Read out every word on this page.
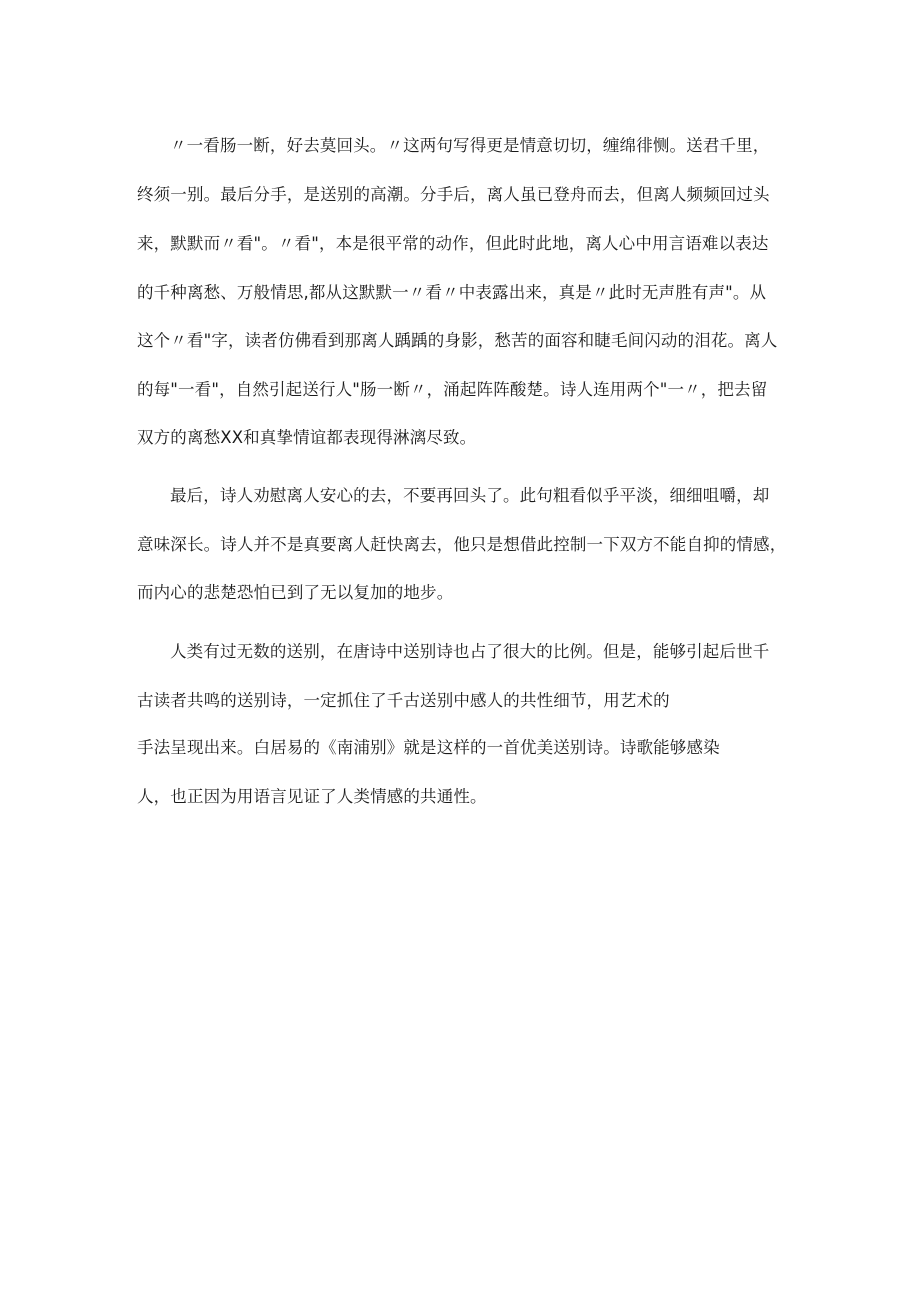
〃一看肠一断，好去莫回头。〃这两句写得更是情意切切，缠绵徘恻。送君千里，
终须一别。最后分手，是送别的高潮。分手后，离人虽已登舟而去，但离人频频回过头
来，默默而〃看"。〃看"，本是很平常的动作，但此时此地，离人心中用言语难以表达
的千种离愁、万般情思,都从这默默一〃看〃中表露出来，真是〃此时无声胜有声"。从
这个〃看"字，读者仿佛看到那离人踽踽的身影，愁苦的面容和睫毛间闪动的泪花。离人
的每"一看"，自然引起送行人"肠一断〃，涌起阵阵酸楚。诗人连用两个"一〃，把去留
双方的离愁XX和真挚情谊都表现得淋漓尽致。
最后，诗人劝慰离人安心的去，不要再回头了。此句粗看似乎平淡，细细咀嚼，却
意味深长。诗人并不是真要离人赶快离去，他只是想借此控制一下双方不能自抑的情感，
而内心的悲楚恐怕已到了无以复加的地步。
人类有过无数的送别，在唐诗中送别诗也占了很大的比例。但是，能够引起后世千
古读者共鸣的送别诗，一定抓住了千古送别中感人的共性细节，用艺术的
手法呈现出来。白居易的《南浦别》就是这样的一首优美送别诗。诗歌能够感染
人，也正因为用语言见证了人类情感的共通性。
